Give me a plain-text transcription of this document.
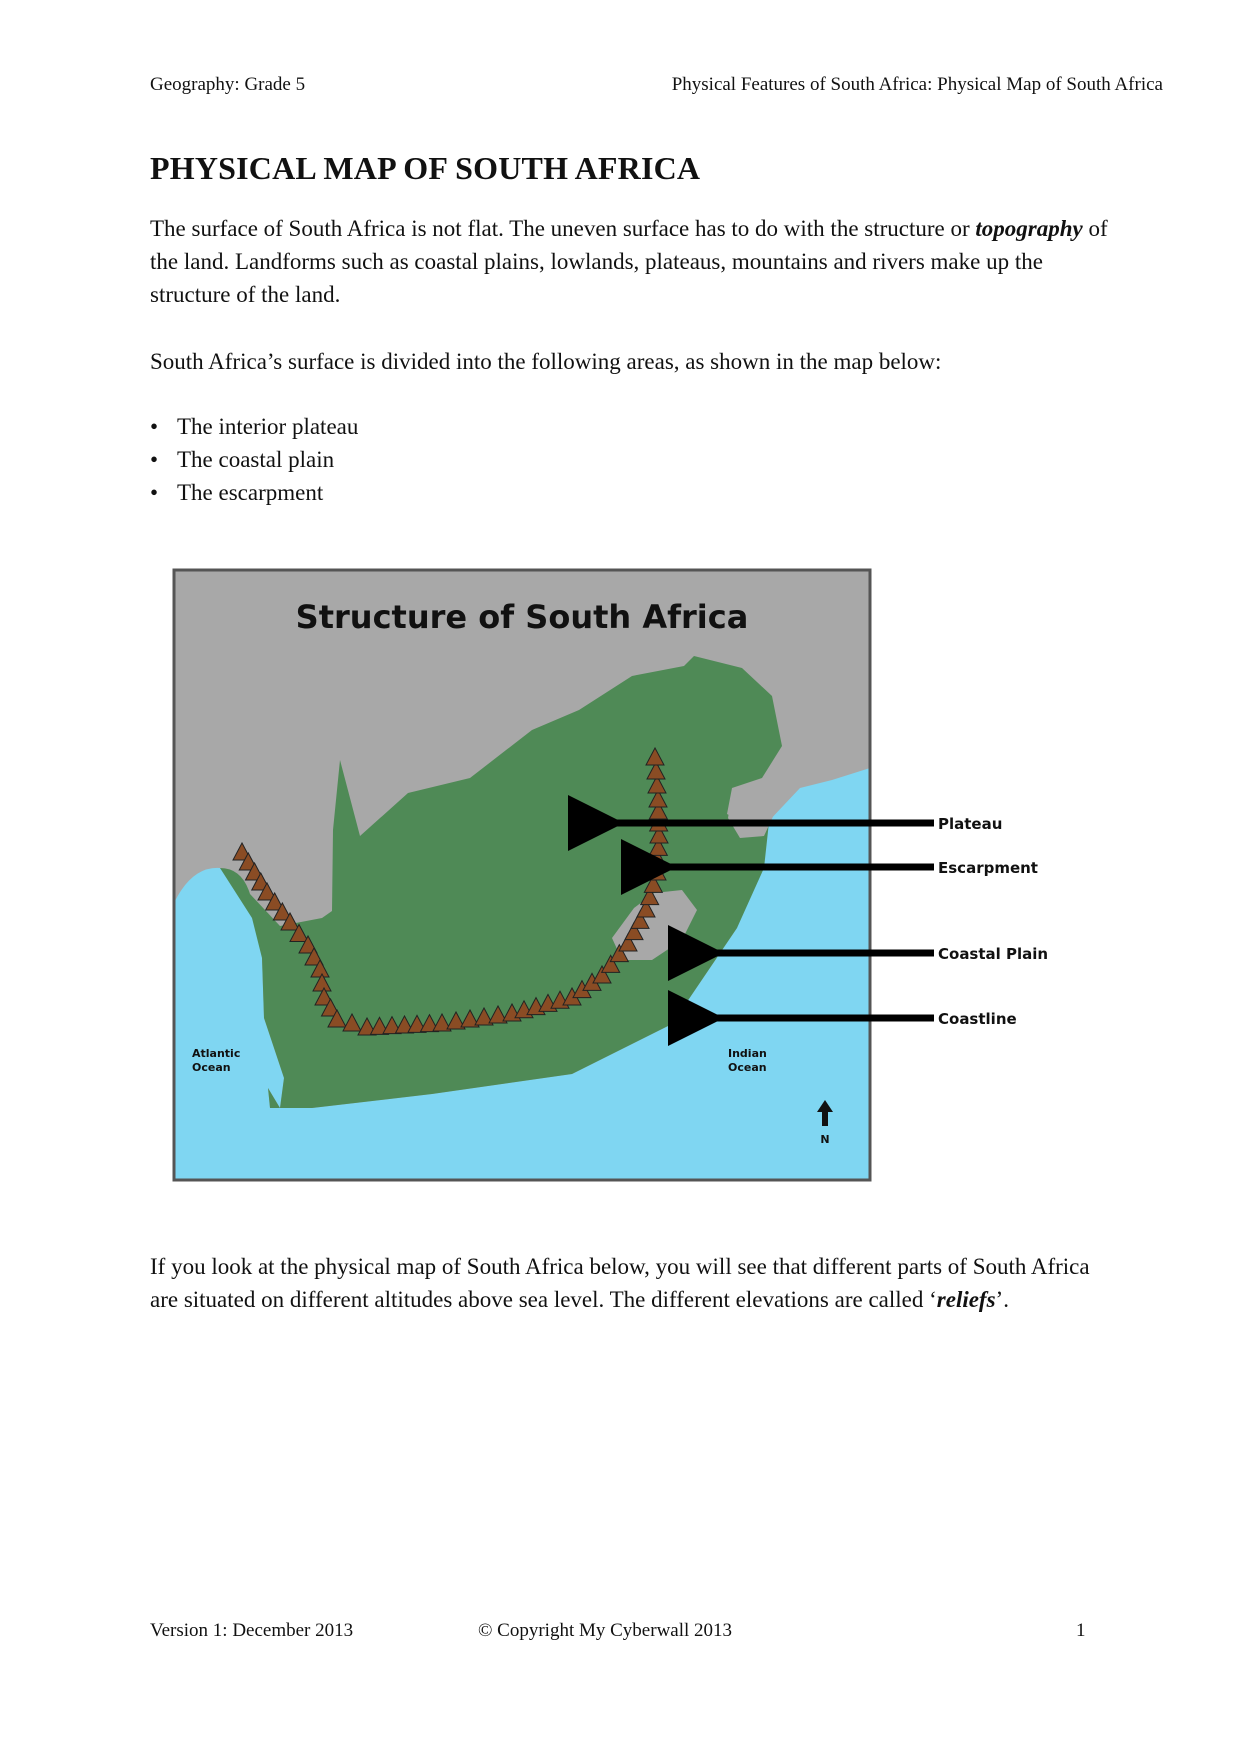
Geography: Grade 5	Physical Features of South Africa: Physical Map of South Africa
PHYSICAL MAP OF SOUTH AFRICA

The surface of South Africa is not flat. The uneven surface has to do with the structure or topography of the land. Landforms such as coastal plains, lowlands, plateaus, mountains and rivers make up the structure of the land.

South Africa’s surface is divided into the following areas, as shown in the map below:

• The interior plateau
• The coastal plain
• The escarpment
Structure of South Africa
Plateau
Escarpment
Coastal Plain
Coastline
Atlantic
Ocean
Indian
Ocean
N

If you look at the physical map of South Africa below, you will see that different parts of South Africa are situated on different altitudes above sea level. The different elevations are called ‘reliefs’.

Version 1: December 2013	© Copyright My Cyberwall 2013	1
